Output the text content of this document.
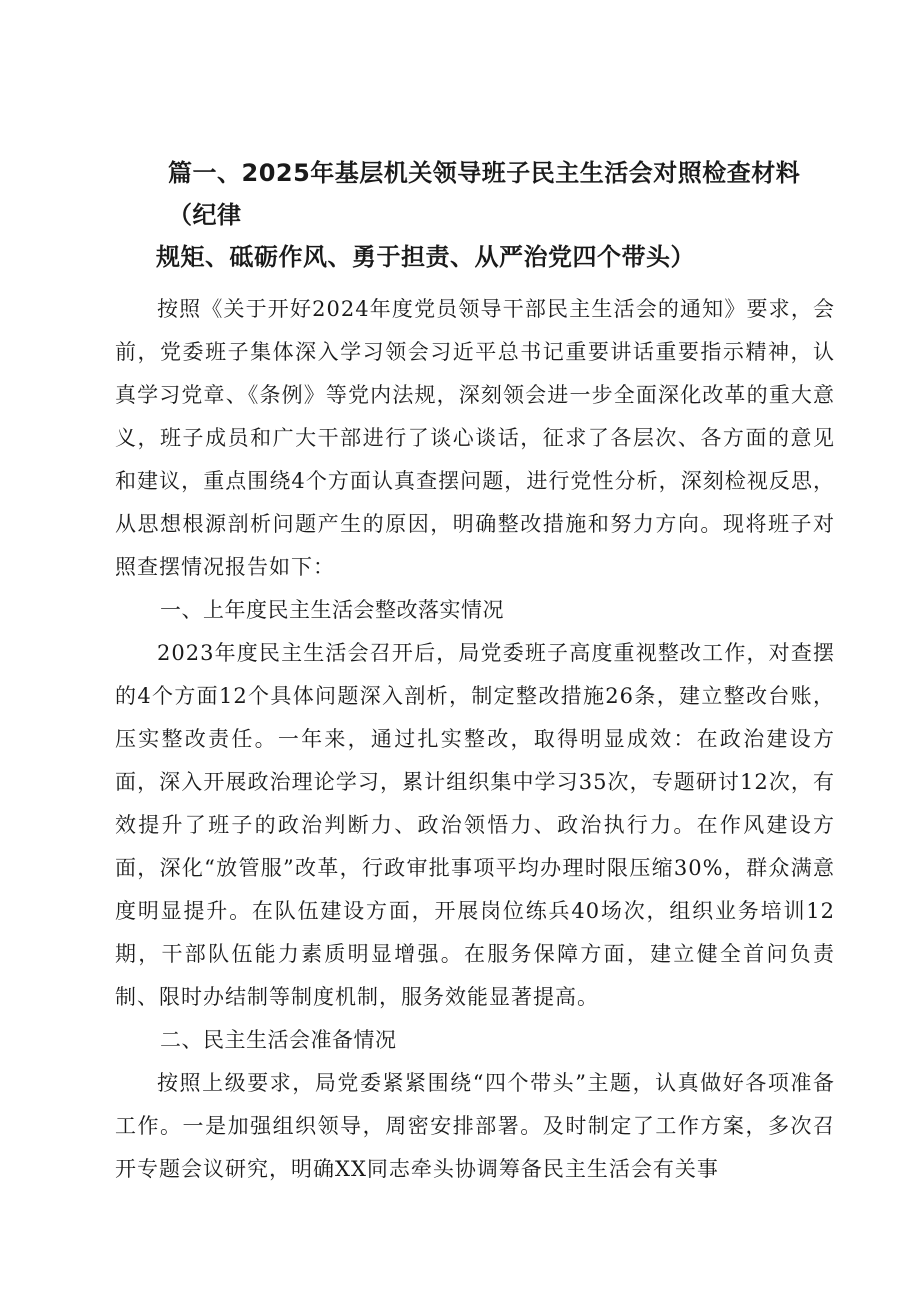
篇一、2025年基层机关领导班子民主生活会对照检查材料（纪律
规矩、砥砺作风、勇于担责、从严治党四个带头）

按照《关于开好2024年度党员领导干部民主生活会的通知》要求，会前，党委班子集体深入学习领会习近平总书记重要讲话重要指示精神，认真学习党章、《条例》等党内法规，深刻领会进一步全面深化改革的重大意义，班子成员和广大干部进行了谈心谈话，征求了各层次、各方面的意见和建议，重点围绕4个方面认真查摆问题，进行党性分析，深刻检视反思，从思想根源剖析问题产生的原因，明确整改措施和努力方向。现将班子对照查摆情况报告如下：

一、上年度民主生活会整改落实情况

2023年度民主生活会召开后，局党委班子高度重视整改工作，对查摆的4个方面12个具体问题深入剖析，制定整改措施26条，建立整改台账，压实整改责任。一年来，通过扎实整改，取得明显成效：在政治建设方面，深入开展政治理论学习，累计组织集中学习35次，专题研讨12次，有效提升了班子的政治判断力、政治领悟力、政治执行力。在作风建设方面，深化“放管服”改革，行政审批事项平均办理时限压缩30%，群众满意度明显提升。在队伍建设方面，开展岗位练兵40场次，组织业务培训12期，干部队伍能力素质明显增强。在服务保障方面，建立健全首问负责制、限时办结制等制度机制，服务效能显著提高。

二、民主生活会准备情况

按照上级要求，局党委紧紧围绕“四个带头”主题，认真做好各项准备工作。一是加强组织领导，周密安排部署。及时制定了工作方案，多次召开专题会议研究，明确XX同志牵头协调筹备民主生活会有关事
